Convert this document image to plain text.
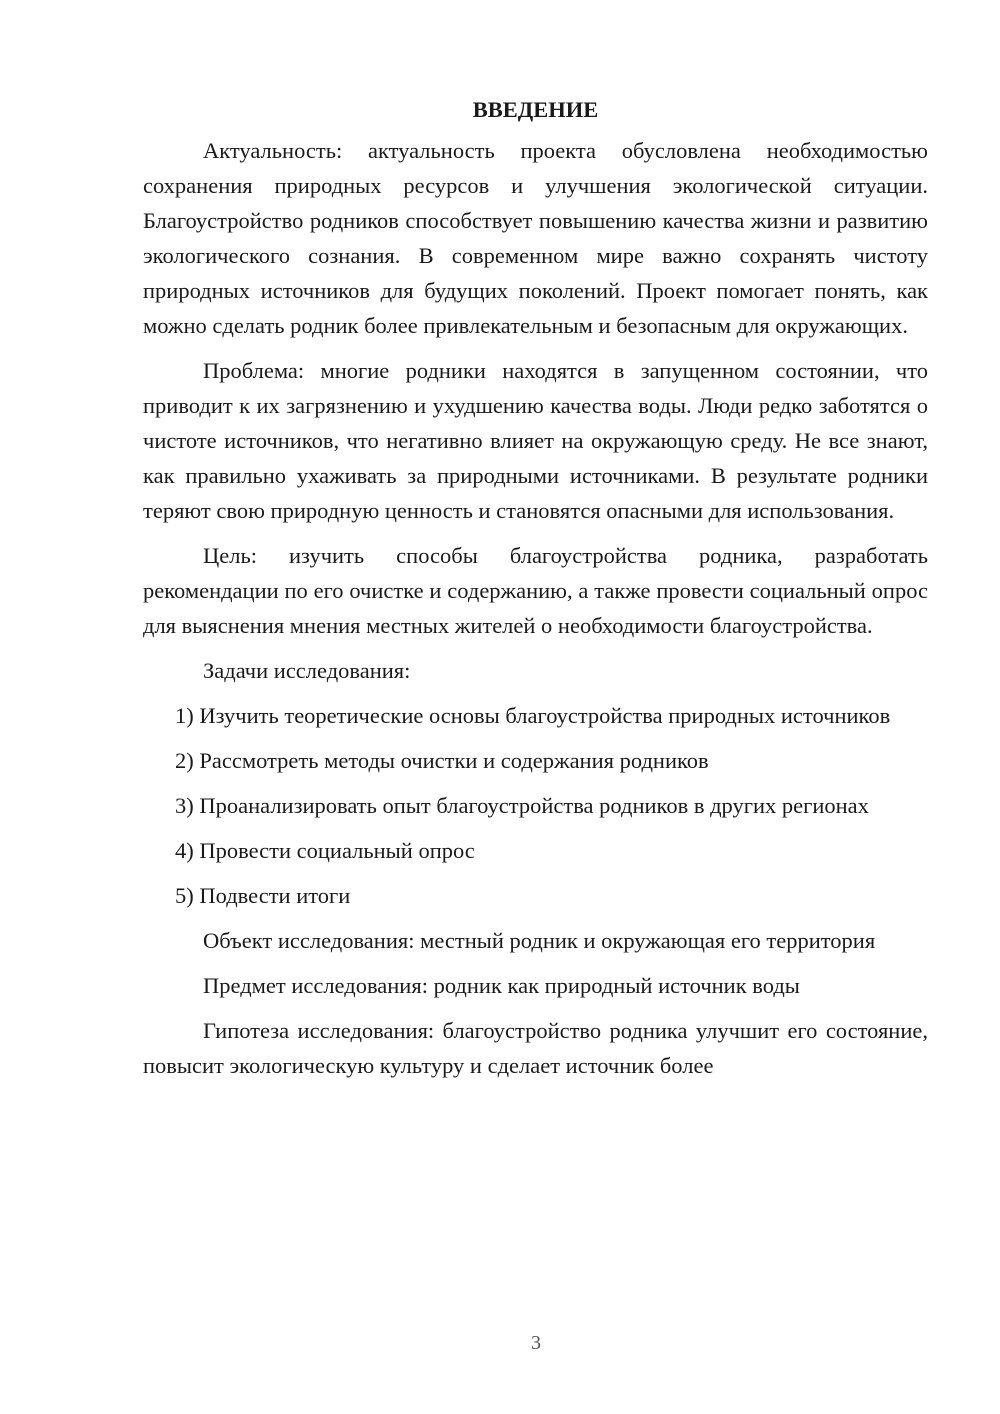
ВВЕДЕНИЕ

Актуальность: актуальность проекта обусловлена необходимостью сохранения природных ресурсов и улучшения экологической ситуации. Благоустройство родников способствует повышению качества жизни и развитию экологического сознания. В современном мире важно сохранять чистоту природных источников для будущих поколений. Проект помогает понять, как можно сделать родник более привлекательным и безопасным для окружающих.

Проблема: многие родники находятся в запущенном состоянии, что приводит к их загрязнению и ухудшению качества воды. Люди редко заботятся о чистоте источников, что негативно влияет на окружающую среду. Не все знают, как правильно ухаживать за природными источниками. В результате родники теряют свою природную ценность и становятся опасными для использования.

Цель: изучить способы благоустройства родника, разработать рекомендации по его очистке и содержанию, а также провести социальный опрос для выяснения мнения местных жителей о необходимости благоустройства.

Задачи исследования:

1) Изучить теоретические основы благоустройства природных источников

2) Рассмотреть методы очистки и содержания родников

3) Проанализировать опыт благоустройства родников в других регионах

4) Провести социальный опрос

5) Подвести итоги

Объект исследования: местный родник и окружающая его территория

Предмет исследования: родник как природный источник воды

Гипотеза исследования: благоустройство родника улучшит его состояние, повысит экологическую культуру и сделает источник более

3
